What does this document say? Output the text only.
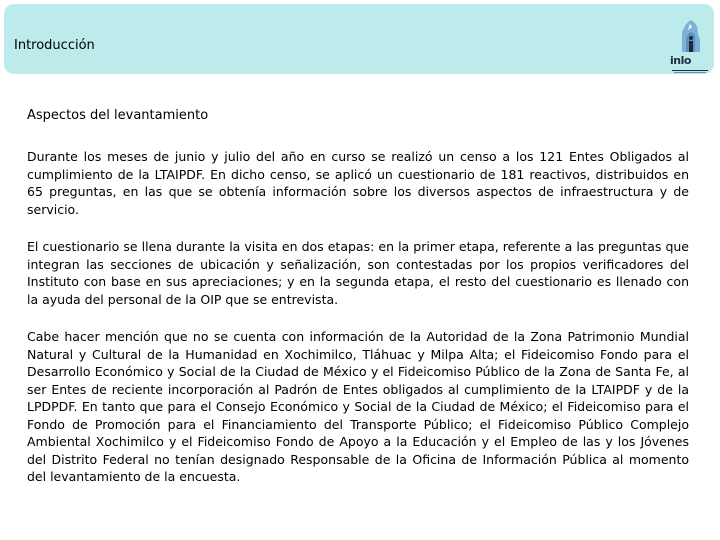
Introducción
inlo

Aspectos del levantamiento

Durante los meses de junio y julio del año en curso se realizó un censo a los 121 Entes Obligados al cumplimiento de la LTAIPDF. En dicho censo, se aplicó un cuestionario de 181 reactivos, distribuidos en 65 preguntas, en las que se obtenía información sobre los diversos aspectos de infraestructura y de servicio.

El cuestionario se llena durante la visita en dos etapas: en la primer etapa, referente a las preguntas que integran las secciones de ubicación y señalización, son contestadas por los propios verificadores del Instituto con base en sus apreciaciones; y en la segunda etapa, el resto del cuestionario es llenado con la ayuda del personal de la OIP que se entrevista.

Cabe hacer mención que no se cuenta con información de la Autoridad de la Zona Patrimonio Mundial Natural y Cultural de la Humanidad en Xochimilco, Tláhuac y Milpa Alta; el Fideicomiso Fondo para el Desarrollo Económico y Social de la Ciudad de México y el Fideicomiso Público de la Zona de Santa Fe, al ser Entes de reciente incorporación al Padrón de Entes obligados al cumplimiento de la LTAIPDF y de la LPDPDF. En tanto que para el Consejo Económico y Social de la Ciudad de México; el Fideicomiso para el Fondo de Promoción para el Financiamiento del Transporte Público; el Fideicomiso Público Complejo Ambiental Xochimilco y el Fideicomiso Fondo de Apoyo a la Educación y el Empleo de las y los Jóvenes del Distrito Federal no tenían designado Responsable de la Oficina de Información Pública al momento del levantamiento de la encuesta.
